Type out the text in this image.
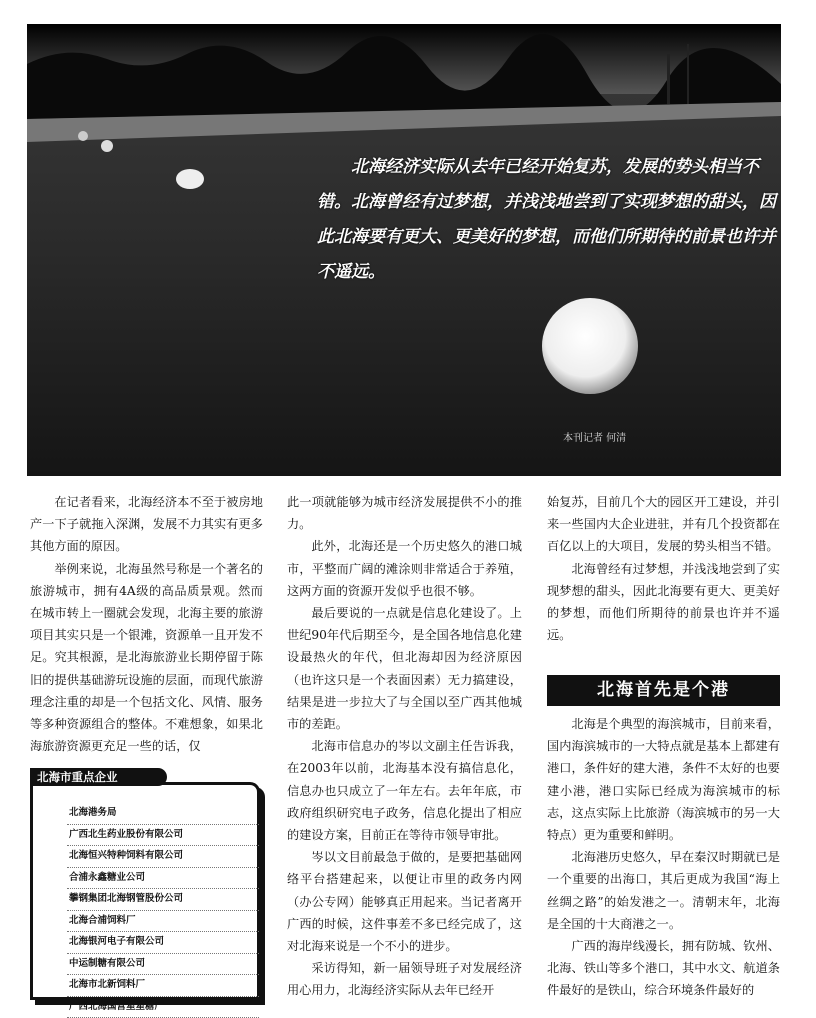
北海经济实际从去年已经开始复苏，发展的势头相当不错。北海曾经有过梦想，并浅浅地尝到了实现梦想的甜头，因此北海要有更大、更美好的梦想，而他们所期待的前景也许并不遥远。

本刊记者 何清

在记者看来，北海经济本不至于被房地产一下子就拖入深渊，发展不力其实有更多其他方面的原因。

举例来说，北海虽然号称是一个著名的旅游城市，拥有4A级的高品质景观。然而在城市转上一圈就会发现，北海主要的旅游项目其实只是一个银滩，资源单一且开发不足。究其根源，是北海旅游业长期停留于陈旧的提供基础游玩设施的层面，而现代旅游理念注重的却是一个包括文化、风情、服务等多种资源组合的整体。不难想象，如果北海旅游资源更充足一些的话，仅

此一项就能够为城市经济发展提供不小的推力。

此外，北海还是一个历史悠久的港口城市，平整而广阔的滩涂则非常适合于养殖，这两方面的资源开发似乎也很不够。

最后要说的一点就是信息化建设了。上世纪90年代后期至今，是全国各地信息化建设最热火的年代，但北海却因为经济原因（也许这只是一个表面因素）无力搞建设，结果是进一步拉大了与全国以至广西其他城市的差距。

北海市信息办的岑以文副主任告诉我，在2003年以前，北海基本没有搞信息化，信息办也只成立了一年左右。去年年底，市政府组织研究电子政务，信息化提出了相应的建设方案，目前正在等待市领导审批。

岑以文目前最急于做的，是要把基础网络平台搭建起来，以便让市里的政务内网（办公专网）能够真正用起来。当记者离开广西的时候，这件事差不多已经完成了，这对北海来说是一个不小的进步。

采访得知，新一届领导班子对发展经济用心用力，北海经济实际从去年已经开

始复苏，目前几个大的园区开工建设，并引来一些国内大企业进驻，并有几个投资都在百亿以上的大项目，发展的势头相当不错。

北海曾经有过梦想，并浅浅地尝到了实现梦想的甜头，因此北海要有更大、更美好的梦想，而他们所期待的前景也许并不遥远。

北海首先是个港

北海是个典型的海滨城市，目前来看，国内海滨城市的一大特点就是基本上都建有港口，条件好的建大港，条件不太好的也要建小港，港口实际已经成为海滨城市的标志，这点实际上比旅游（海滨城市的另一大特点）更为重要和鲜明。

北海港历史悠久，早在秦汉时期就已是一个重要的出海口，其后更成为我国“海上丝绸之路”的始发港之一。清朝末年，北海是全国的十大商港之一。

广西的海岸线漫长，拥有防城、钦州、北海、铁山等多个港口，其中水文、航道条件最好的是铁山，综合环境条件最好的

北海港务局
广西北生药业股份有限公司
北海恒兴特种饲料有限公司
合浦永鑫糖业公司
攀钢集团北海钢管股份公司
北海合浦饲料厂
北海银河电子有限公司
中运制糖有限公司
北海市北新饲料厂
广西北海国营星星糖厂
北海市重点企业
